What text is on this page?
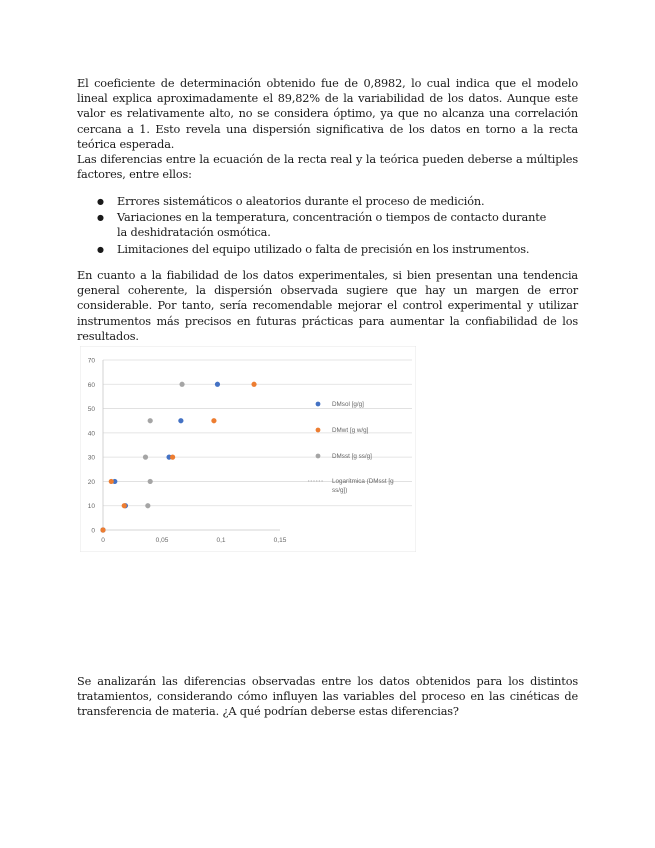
El coeficiente de determinación obtenido fue de 0,8982, lo cual indica que el modelo lineal explica aproximadamente el 89,82% de la variabilidad de los datos. Aunque este valor es relativamente alto, no se considera óptimo, ya que no alcanza una correlación cercana a 1. Esto revela una dispersión significativa de los datos en torno a la recta teórica esperada.

Las diferencias entre la ecuación de la recta real y la teórica pueden deberse a múltiples factores, entre ellos:

● Errores sistemáticos o aleatorios durante el proceso de medición.
● Variaciones en la temperatura, concentración o tiempos de contacto durante la deshidratación osmótica.
● Limitaciones del equipo utilizado o falta de precisión en los instrumentos.

En cuanto a la fiabilidad de los datos experimentales, si bien presentan una tendencia general coherente, la dispersión observada sugiere que hay un margen de error considerable. Por tanto, sería recomendable mejorar el control experimental y utilizar instrumentos más precisos en futuras prácticas para aumentar la confiabilidad de los resultados.

0
10
20
30
40
50
60
70
0	0,05	0,1	0,15
DMsol [g/g]
DMwt [g w/g]
DMsst [g ss/g]
Logarítmica (DMsst [g
ss/g])

Se analizarán las diferencias observadas entre los datos obtenidos para los distintos tratamientos, considerando cómo influyen las variables del proceso en las cinéticas de transferencia de materia. ¿A qué podrían deberse estas diferencias?
